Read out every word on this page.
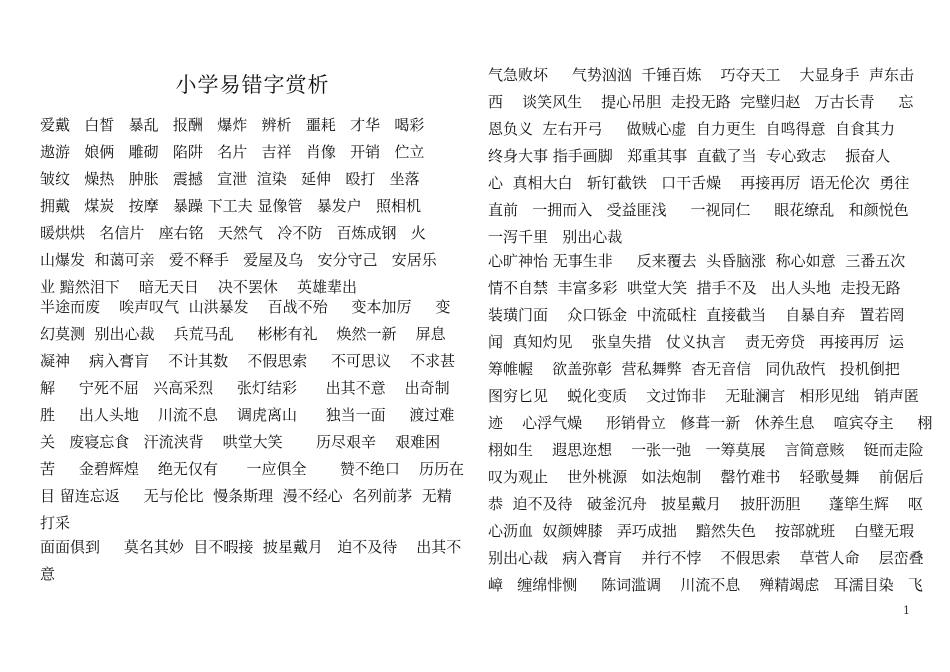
小学易错字赏析
爱戴   白皙   暴乱   报酬   爆炸   辨析   噩耗   才华   喝彩
遨游   娘俩   雕砌   陷阱   名片   吉祥   肖像   开销   伫立
皱纹   燥热   肿胀   震撼   宣泄  渲染   延伸   殴打   坐落
拥戴   煤炭   按摩   暴躁 下工夫 显像管   暴发户   照相机
暖烘烘   名信片   座右铭   天然气   冷不防   百炼成钢   火
山爆发  和蔼可亲   爱不释手   爱屋及乌   安分守己   安居乐
业 黯然泪下    暗无天日    决不罢休    英雄辈出
半途而废    唉声叹气  山洪暴发    百战不殆     变本加厉     变
幻莫测  别出心裁    兵荒马乱     彬彬有礼    焕然一新    屏息
凝神    病入膏肓    不计其数    不假思索     不可思议    不求甚
解     宁死不屈   兴高采烈     张灯结彩      出其不意    出奇制
胜     出人头地    川流不息    调虎离山      独当一面     渡过难
关   废寝忘食   汗流浃背    哄堂大笑       历尽艰辛    艰难困
苦     金碧辉煌    绝无仅有      一应俱全       赞不绝口    历历在
目 留连忘返     无与伦比  慢条斯理  漫不经心  名列前茅  无精
打采
面面俱到     莫名其妙  目不暇接  披星戴月   迫不及待    出其不
意
气急败坏     气势汹汹  千锤百炼    巧夺天工    大显身手  声东击
西    谈笑风生    提心吊胆  走投无路  完璧归赵   万古长青     忘
恩负义  左右开弓     做贼心虚  自力更生  自鸣得意  自食其力
终身大事 指手画脚   郑重其事  直截了当  专心致志    振奋人
心  真相大白   斩钉截铁   口干舌燥    再接再厉  语无伦次  勇往
直前   一拥而入   受益匪浅     一视同仁     眼花缭乱   和颜悦色
一泻千里   别出心裁
心旷神怡 无事生非     反来覆去  头昏脑涨  称心如意  三番五次
情不自禁  丰富多彩  哄堂大笑  措手不及   出人头地  走投无路
装璜门面    众口铄金  中流砥柱  直接截当    自暴自弃   置若罔
闻  真知灼见    张皇失措   仗义执言    责无旁贷   再接再厉  运
筹帷幄    欲盖弥彰  营私舞弊  杳无音信   同仇敌忾   投机倒把
图穷匕见    蜕化变质    文过饰非    无耻澜言   相形见绌   销声匿
迹    心浮气燥     形销骨立   修葺一新   休养生息    喧宾夺主     栩
栩如生    遐思迩想    一张一弛   一筹莫展    言简意赅    铤而走险
叹为观止    世外桃源   如法炮制    罄竹难书    轻歌曼舞    前倨后
恭  迫不及待   破釜沉舟   披星戴月    披肝沥胆      蓬筚生辉    呕
心沥血  奴颜婢膝   弄巧成拙    黯然失色    按部就班    白璧无瑕
别出心裁   病入膏肓    并行不悖    不假思索    草菅人命    层峦叠
嶂   缠绵悱恻     陈词滥调    川流不息    殚精竭虑   耳濡目染   飞
1
